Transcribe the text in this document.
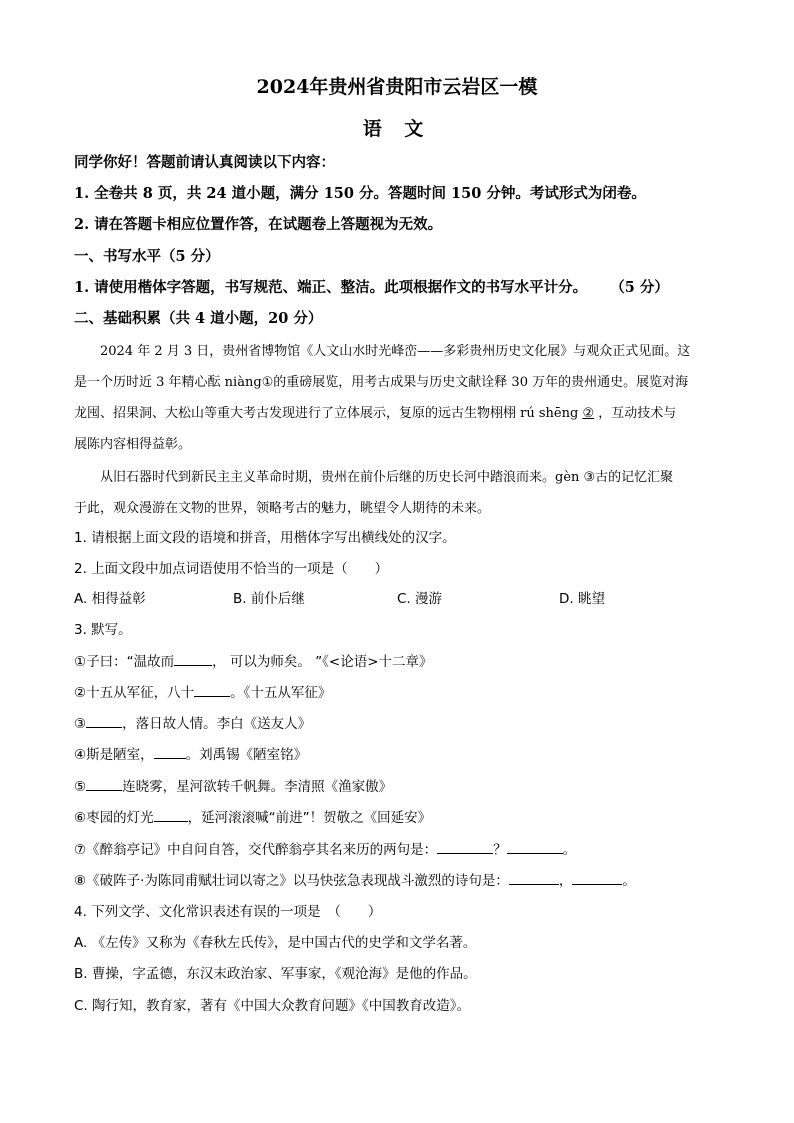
2024年贵州省贵阳市云岩区一模
语 文
同学你好！答题前请认真阅读以下内容：
1. 全卷共 8 页，共 24 道小题，满分 150 分。答题时间 150 分钟。考试形式为闭卷。
2. 请在答题卡相应位置作答，在试题卷上答题视为无效。
一、书写水平（5 分）
1. 请使用楷体字答题，书写规范、端正、整洁。此项根据作文的书写水平计分。 （5 分）
二、基础积累（共 4 道小题，20 分）
2024 年 2 月 3 日，贵州省博物馆《人文山水时光峰峦——多彩贵州历史文化展》与观众正式见面。这
是一个历时近 3 年精心酝 niàng①的重磅展览，用考古成果与历史文献诠释 30 万年的贵州通史。展览对海
龙囤、招果洞、大松山等重大考古发现进行了立体展示，复原的远古生物栩栩 rú shēng ② ，互动技术与
展陈内容相得益彰。
从旧石器时代到新民主主义革命时期，贵州在前仆后继的历史长河中踏浪而来。gèn ③古的记忆汇聚
于此，观众漫游在文物的世界，领略考古的魅力，眺望令人期待的未来。
1. 请根据上面文段的语境和拼音，用楷体字写出横线处的汉字。
2. 上面文段中加点词语使用不恰当的一项是（　　）
A. 相得益彰	B. 前仆后继	C. 漫游	D. 眺望
3. 默写。
①子曰：“温故而	， 可以为师矣。 ”《<论语>十二章》
②十五从军征，八十	。《十五从军征》
③	，落日故人情。李白《送友人》
④斯是陋室， 。刘禹锡《陋室铭》
⑤	连晓雾，星河欲转千帆舞。李清照《渔家傲》
⑥枣园的灯光	，延河滚滚喊“前进”！贺敬之《回延安》
⑦《醉翁亭记》中自问自答，交代醉翁亭其名来历的两句是：	？	。
⑧《破阵子·为陈同甫赋壮词以寄之》以马快弦急表现战斗激烈的诗句是：	，	。
4. 下列文学、文化常识表述有误的一项是　（　　）
A. 《左传》又称为《春秋左氏传》，是中国古代的史学和文学名著。
B. 曹操，字孟德，东汉末政治家、军事家，《观沧海》是他的作品。
C. 陶行知，教育家，著有《中国大众教育问题》《中国教育改造》。
